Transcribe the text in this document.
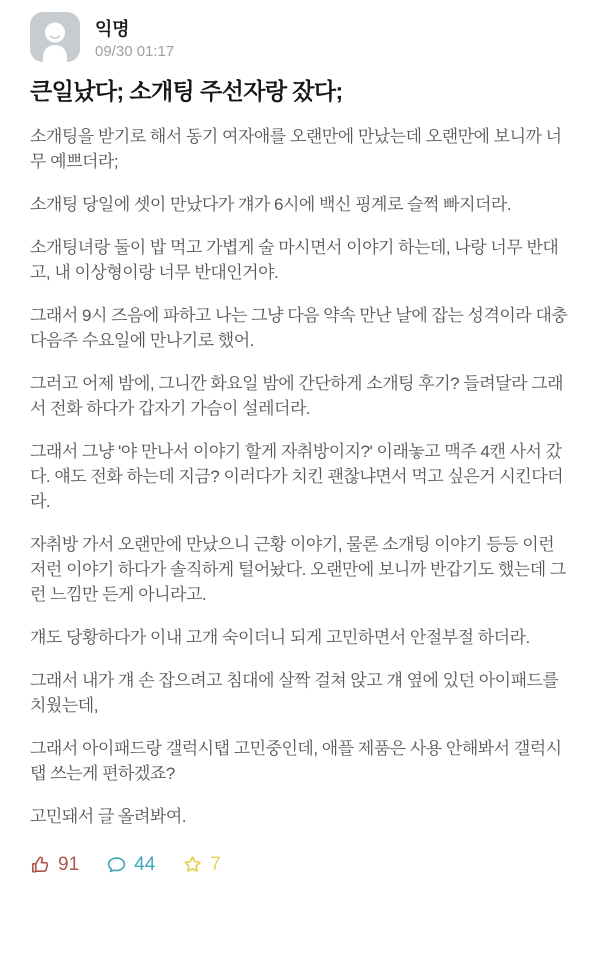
익명
09/30 01:17
큰일났다; 소개팅 주선자랑 잤다;

소개팅을 받기로 해서 동기 여자애를 오랜만에 만났는데 오랜만에 보니까 너무 예쁘더라;

소개팅 당일에 셋이 만났다가 걔가 6시에 백신 핑계로 슬쩍 빠지더라.

소개팅녀랑 둘이 밥 먹고 가볍게 술 마시면서 이야기 하는데, 나랑 너무 반대고, 내 이상형이랑 너무 반대인거야.

그래서 9시 즈음에 파하고 나는 그냥 다음 약속 만난 날에 잡는 성격이라 대충 다음주 수요일에 만나기로 했어.

그러고 어제 밤에, 그니깐 화요일 밤에 간단하게 소개팅 후기? 들려달라 그래서 전화 하다가 갑자기 가슴이 설레더라.

그래서 그냥 '야 만나서 이야기 할게 자취방이지?' 이래놓고 맥주 4캔 사서 갔다. 얘도 전화 하는데 지금? 이러다가 치킨 괜찮냐면서 먹고 싶은거 시킨다더라.

자취방 가서 오랜만에 만났으니 근황 이야기, 물론 소개팅 이야기 등등 이런 저런 이야기 하다가 솔직하게 털어놨다. 오랜만에 보니까 반갑기도 했는데 그런 느낌만 든게 아니라고.

걔도 당황하다가 이내 고개 숙이더니 되게 고민하면서 안절부절 하더라.

그래서 내가 걔 손 잡으려고 침대에 살짝 걸쳐 앉고 걔 옆에 있던 아이패드를 치웠는데,

그래서 아이패드랑 갤럭시탭 고민중인데, 애플 제품은 사용 안해봐서 갤럭시탭 쓰는게 편하겠죠?

고민돼서 글 올려봐여.

91	44	7
